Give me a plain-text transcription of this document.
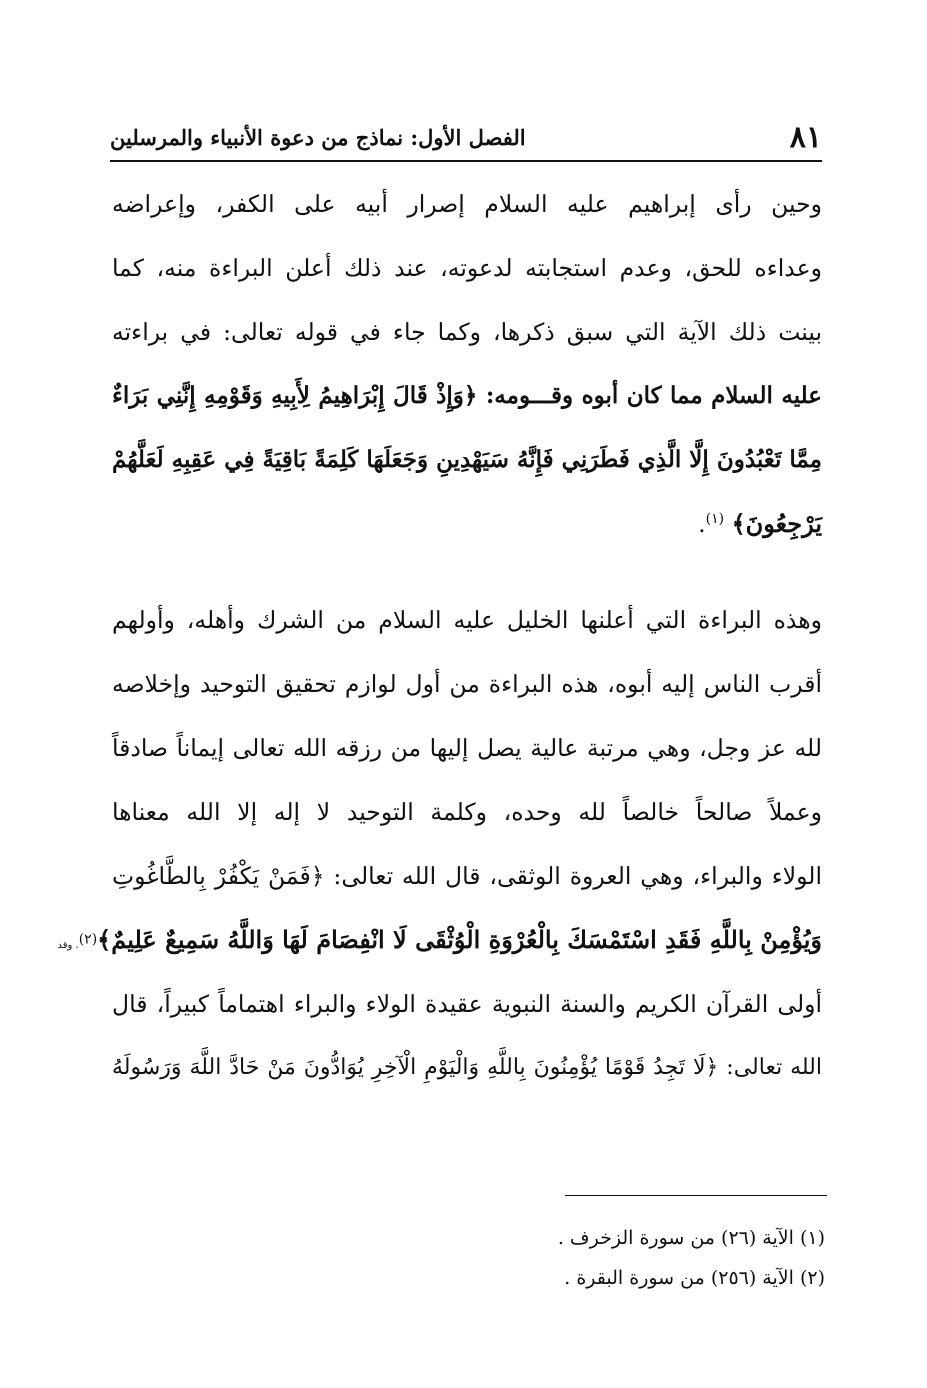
٨١
الفصل الأول: نماذج من دعوة الأنبياء والمرسلين
وحين رأى إبراهيم عليه السلام إصرار أبيه على الكفر، وإعراضه
وعداءه للحق، وعدم استجابته لدعوته، عند ذلك أعلن البراءة منه، كما
بينت ذلك الآية التي سبق ذكرها، وكما جاء في قوله تعالى: في براءته
عليه السلام مما كان أبوه وقـــومه: ﴿وَإِذْ قَالَ إِبْرَاهِيمُ لِأَبِيهِ وَقَوْمِهِ إِنَّنِي بَرَاءٌ
مِمَّا تَعْبُدُونَ إِلَّا الَّذِي فَطَرَنِي فَإِنَّهُ سَيَهْدِينِ وَجَعَلَهَا كَلِمَةً بَاقِيَةً فِي عَقِبِهِ لَعَلَّهُمْ
يَرْجِعُونَ﴾ $^{(١)}$.
وهذه البراءة التي أعلنها الخليل عليه السلام من الشرك وأهله، وأولهم
أقرب الناس إليه أبوه، هذه البراءة من أول لوازم تحقيق التوحيد وإخلاصه
لله عز وجل، وهي مرتبة عالية يصل إليها من رزقه الله تعالى إيماناً صادقاً
وعملاً صالحاً خالصاً لله وحده، وكلمة التوحيد لا إله إلا الله معناها
الولاء والبراء، وهي العروة الوثقى، قال الله تعالى: ﴿فَمَنْ يَكْفُرْ بِالطَّاغُوتِ
وَيُؤْمِنْ بِاللَّهِ فَقَدِ اسْتَمْسَكَ بِالْعُرْوَةِ الْوُثْقَى لَا انْفِصَامَ لَهَا وَاللَّهُ سَمِيعٌ عَلِيمٌ﴾$^{(٢)}$. وقد
أولى القرآن الكريم والسنة النبوية عقيدة الولاء والبراء اهتماماً كبيراً، قال
الله تعالى: ﴿لَا تَجِدُ قَوْمًا يُؤْمِنُونَ بِاللَّهِ وَالْيَوْمِ الْآخِرِ يُوَادُّونَ مَنْ حَادَّ اللَّهَ وَرَسُولَهُ
(١) الآية (٢٦) من سورة الزخرف .
(٢) الآية (٢٥٦) من سورة البقرة .
